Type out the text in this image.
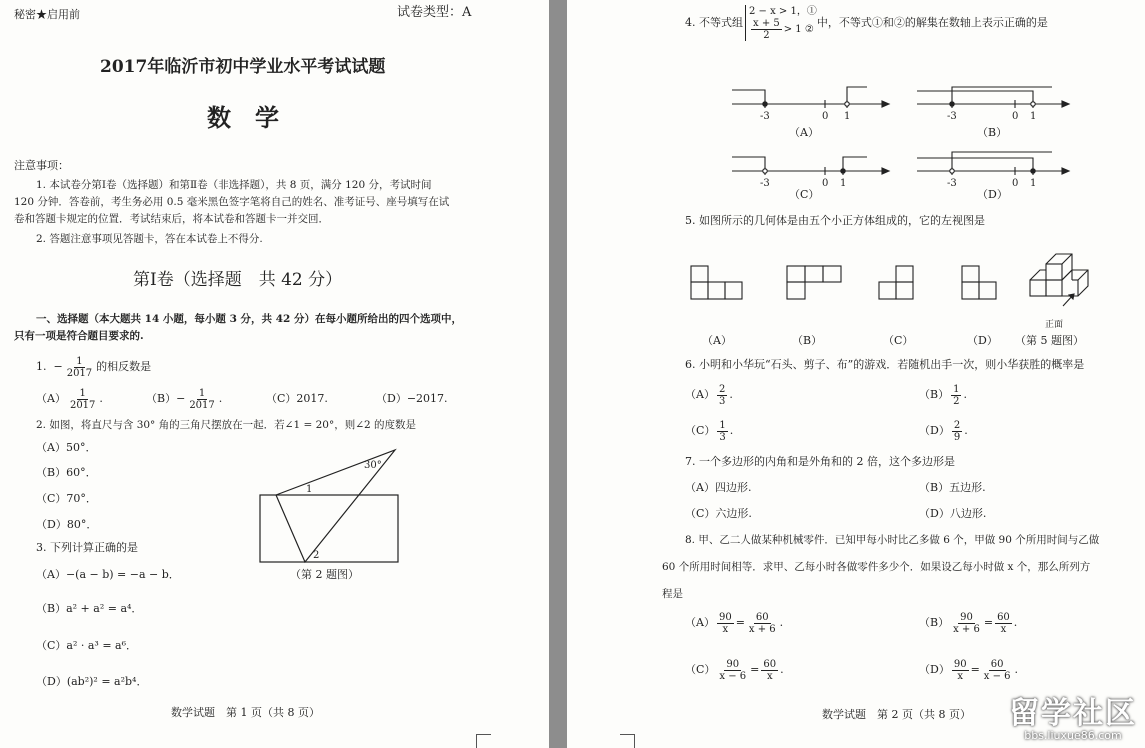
秘密★启用前	试卷类型：A
2017年临沂市初中学业水平考试试题
数　学
注意事项：
1. 本试卷分第Ⅰ卷（选择题）和第Ⅱ卷（非选择题），共 8 页，满分 120 分，考试时间
120 分钟．答卷前，考生务必用 0.5 毫米黑色签字笔将自己的姓名、准考证号、座号填写在试
卷和答题卡规定的位置．考试结束后，将本试卷和答题卡一并交回．
2. 答题注意事项见答题卡，答在本试卷上不得分.
第Ⅰ卷（选择题　共 42 分）
一、选择题（本大题共 14 小题，每小题 3 分，共 42 分）在每小题所给出的四个选项中，
只有一项是符合题目要求的.
1. − $\frac{1}{2017}$ 的相反数是
$(A) \frac{1}{2017}$ .	$(B)- \frac{1}{2017}$ .	（C）2017.	（D）−2017.
2. 如图，将直尺与含 30° 角的三角尺摆放在一起．若∠1 = 20°，则∠2 的度数是
（A）50°．
（B）60°．
（C）70°．
（D）80°．
30°
1
2
（第 2 题图）
3. 下列计算正确的是
（A）−(a − b) = −a − b．
（B）a² + a² = a⁴．
（C）a² · a³ = a⁶．
（D）(ab²)² = a²b⁴．
数学试题　第 1 页（共 8 页）
4. 不等式组
2 − x > 1，①
$\frac{x + 5}{2} > 1$ ②
中，不等式①和②的解集在数轴上表示正确的是
-3	0 1
（A）
-3	0 1
（B）
-3	0 1
（C）
-3	0 1
（D）
5. 如图所示的几何体是由五个小正方体组成的，它的左视图是
（A）	（B）	（C）	（D）
正面
（第 5 题图）
6. 小明和小华玩“石头、剪子、布”的游戏．若随机出手一次，则小华获胜的概率是
$(A) \frac{2}{3}$ .	$(B) \frac{1}{2}$ .
$(C) \frac{1}{3}$ .	$(D) \frac{2}{9}$ .
7. 一个多边形的内角和是外角和的 2 倍，这个多边形是
（A）四边形.	（B）五边形.
（C）六边形.	（D）八边形.
8. 甲、乙二人做某种机械零件．已知甲每小时比乙多做 6 个，甲做 90 个所用时间与乙做
60 个所用时间相等．求甲、乙每小时各做零件多少个．如果设乙每小时做 x 个，那么所列方
程是
$(A) \frac{90}{x} = \frac{60}{x + 6}$ .	$(B) \frac{90}{x + 6} = \frac{60}{x}$ .
$(C) \frac{90}{x - 6} = \frac{60}{x}$ .	$(D) \frac{90}{x} = \frac{60}{x - 6}$ .
数学试题　第 2 页（共 8 页） 留学社区
bbs.liuxue86.com
